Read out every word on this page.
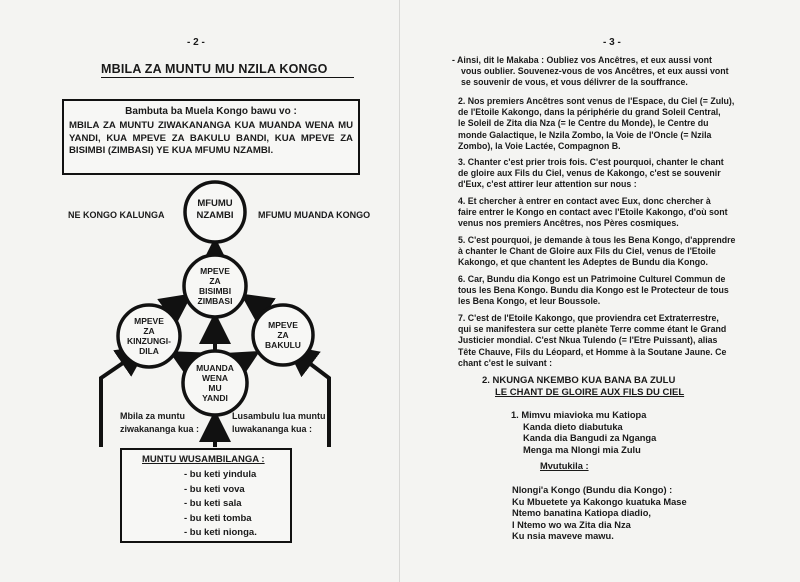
- 2 -
MBILA ZA MUNTU MU NZILA KONGO
Bambuta ba Muela Kongo bawu vo :
MBILA ZA MUNTU ZIWAKANANGA KUA MUANDA WENA MU YANDI, KUA MPEVE ZA BAKULU BANDI, KUA MPEVE ZA BISIMBI (ZIMBASI) YE KUA MFUMU NZAMBI.
MFUMU
NZAMBI
MPEVE
ZA
BISIMBI
ZIMBASI
MPEVE
ZA
KINZUNGI-
DILA
MPEVE
ZA
BAKULU
MUANDA
WENA
MU
YANDI
NE KONGO KALUNGA	MFUMU MUANDA KONGO
Mbila za muntu
ziwakananga kua :
Lusambulu lua muntu
luwakananga kua :
MUNTU WUSAMBILANGA :
- bu keti yindula
- bu keti vova
- bu keti sala
- bu keti tomba
- bu keti nionga.
- 3 -
- Ainsi, dit le Makaba : Oubliez vos Ancêtres, et eux aussi vont
vous oublier. Souvenez-vous de vos Ancêtres, et eux aussi vont
se souvenir de vous, et vous délivrer de la souffrance.
2. Nos premiers Ancêtres sont venus de l'Espace, du Ciel (= Zulu),
de l'Etoile Kakongo, dans la périphérie du grand Soleil Central,
le Soleil de Zita dia Nza (= le Centre du Monde), le Centre du
monde Galactique, le Nzila Zombo, la Voie de l'Oncle (= Nzila
Zombo), la Voie Lactée, Compagnon B.
3. Chanter c'est prier trois fois. C'est pourquoi, chanter le chant
de gloire aux Fils du Ciel, venus de Kakongo, c'est se souvenir
d'Eux, c'est attirer leur attention sur nous :
4. Et chercher à entrer en contact avec Eux, donc chercher à
faire entrer le Kongo en contact avec l'Etoile Kakongo, d'où sont
venus nos premiers Ancêtres, nos Pères cosmiques.
5. C'est pourquoi, je demande à tous les Bena Kongo, d'apprendre
à chanter le Chant de Gloire aux Fils du Ciel, venus de l'Etoile
Kakongo, et que chantent les Adeptes de Bundu dia Kongo.
6. Car, Bundu dia Kongo est un Patrimoine Culturel Commun de
tous les Bena Kongo. Bundu dia Kongo est le Protecteur de tous
les Bena Kongo, et leur Boussole.
7. C'est de l'Etoile Kakongo, que proviendra cet Extraterrestre,
qui se manifestera sur cette planète Terre comme étant le Grand
Justicier mondial. C'est Nkua Tulendo (= l'Etre Puissant), alias
Tête Chauve, Fils du Léopard, et Homme à la Soutane Jaune. Ce
chant c'est le suivant :
2. NKUNGA NKEMBO KUA BANA BA ZULU
LE CHANT DE GLOIRE AUX FILS DU CIEL
1. Mimvu miavioka mu Katiopa
Kanda dieto diabutuka
Kanda dia Bangudi za Nganga
Menga ma Nlongi mia Zulu
Mvutukila :
Nlongi'a Kongo (Bundu dia Kongo) :
Ku Mbuetete ya Kakongo kuatuka Mase
Ntemo banatina Katiopa diadio,
I Ntemo wo wa Zita dia Nza
Ku nsia maveve mawu.
